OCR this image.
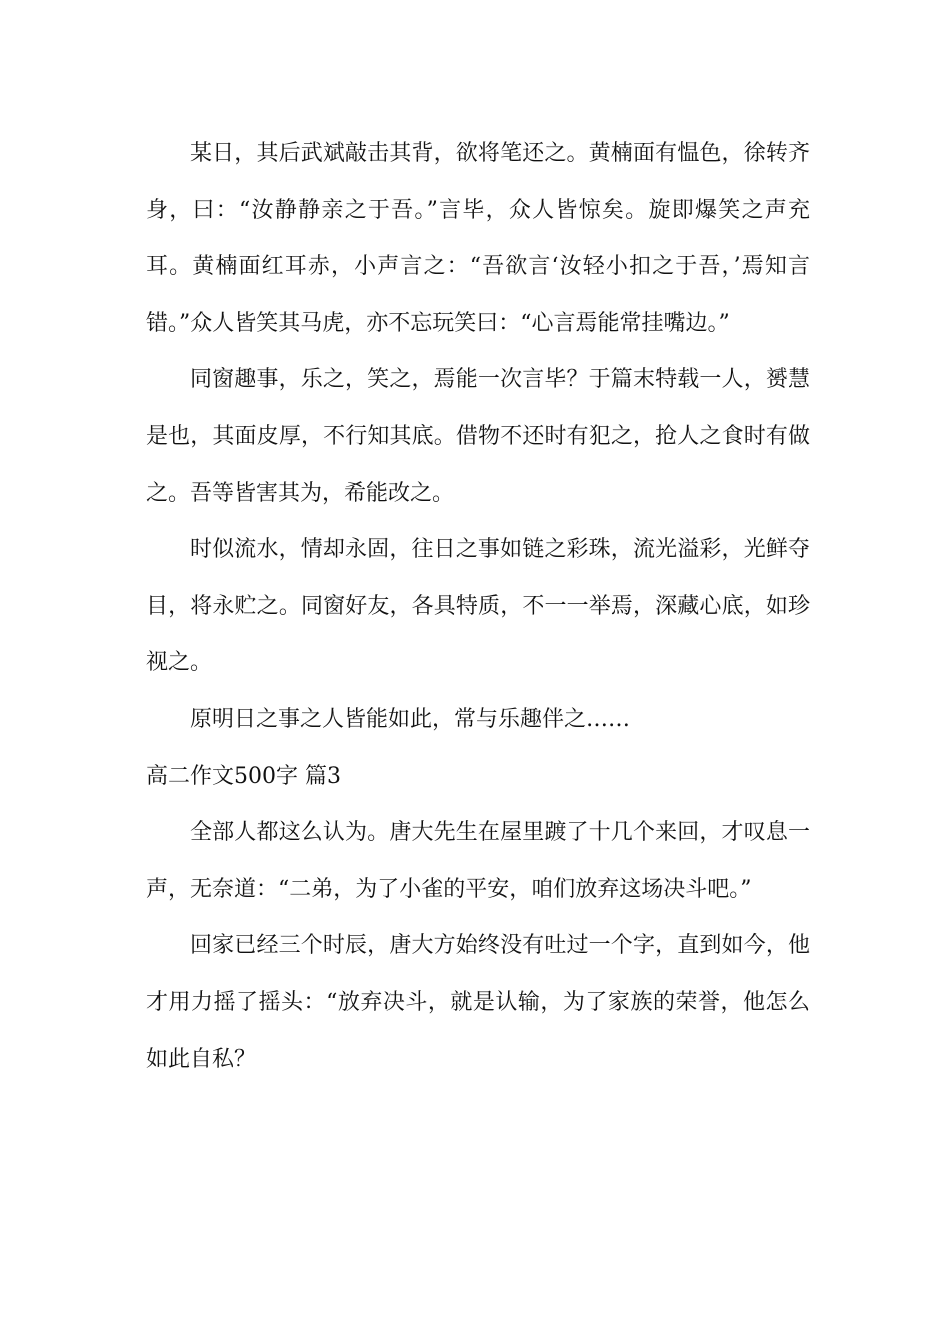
某日，其后武斌敲击其背，欲将笔还之。黄楠面有愠色，徐转齐身，曰：“汝静静亲之于吾。”言毕，众人皆惊矣。旋即爆笑之声充耳。黄楠面红耳赤，小声言之：“吾欲言‘汝轻小扣之于吾，’焉知言错。”众人皆笑其马虎，亦不忘玩笑曰：“心言焉能常挂嘴边。”

同窗趣事，乐之，笑之，焉能一次言毕？于篇末特载一人，赟慧是也，其面皮厚，不行知其底。借物不还时有犯之，抢人之食时有做之。吾等皆害其为，希能改之。

时似流水，情却永固，往日之事如链之彩珠，流光溢彩，光鲜夺目，将永贮之。同窗好友，各具特质，不一一举焉，深藏心底，如珍视之。

原明日之事之人皆能如此，常与乐趣伴之……

高二作文500字 篇3

全部人都这么认为。唐大先生在屋里踱了十几个来回，才叹息一声，无奈道：“二弟，为了小雀的平安，咱们放弃这场决斗吧。”

回家已经三个时辰，唐大方始终没有吐过一个字，直到如今，他才用力摇了摇头：“放弃决斗，就是认输，为了家族的荣誉，他怎么如此自私？
